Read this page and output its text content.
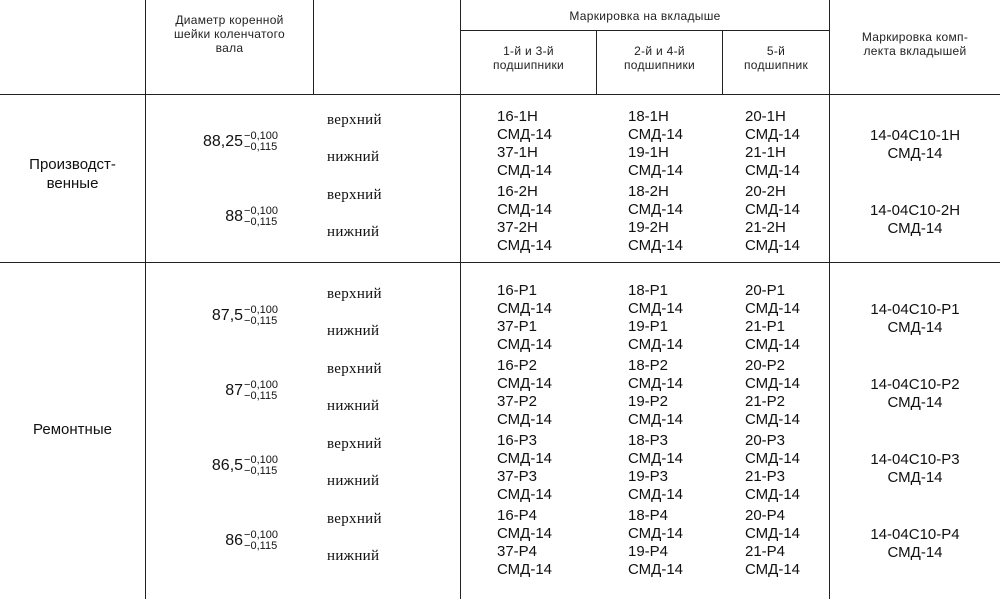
Диаметр коренной
шейки коленчатого
вала
Маркировка на вкладыше
1-й и 3-й
подшипники
2-й и 4-й
подшипники
5-й
подшипник
Маркировка комп-
лекта вкладышей
Производст-
венные
88,25 −0,100
−0,115
верхний
нижний
16-1Н
СМД-14
37-1Н
СМД-14
18-1Н
СМД-14
19-1Н
СМД-14
20-1Н
СМД-14
21-1Н
СМД-14
14-04С10-1Н
СМД-14
88 −0,100
−0,115
верхний
нижний
16-2Н
СМД-14
37-2Н
СМД-14
18-2Н
СМД-14
19-2Н
СМД-14
20-2Н
СМД-14
21-2Н
СМД-14
14-04С10-2Н
СМД-14
Ремонтные
87,5 −0,100
−0,115
верхний
нижний
16-Р1
СМД-14
37-Р1
СМД-14
18-Р1
СМД-14
19-Р1
СМД-14
20-Р1
СМД-14
21-Р1
СМД-14
14-04С10-Р1
СМД-14
87 −0,100
−0,115
верхний
нижний
16-Р2
СМД-14
37-Р2
СМД-14
18-Р2
СМД-14
19-Р2
СМД-14
20-Р2
СМД-14
21-Р2
СМД-14
14-04С10-Р2
СМД-14
86,5 −0,100
−0,115
верхний
нижний
16-Р3
СМД-14
37-Р3
СМД-14
18-Р3
СМД-14
19-Р3
СМД-14
20-Р3
СМД-14
21-Р3
СМД-14
14-04С10-Р3
СМД-14
86 −0,100
−0,115
верхний
нижний
16-Р4
СМД-14
37-Р4
СМД-14
18-Р4
СМД-14
19-Р4
СМД-14
20-Р4
СМД-14
21-Р4
СМД-14
14-04С10-Р4
СМД-14
